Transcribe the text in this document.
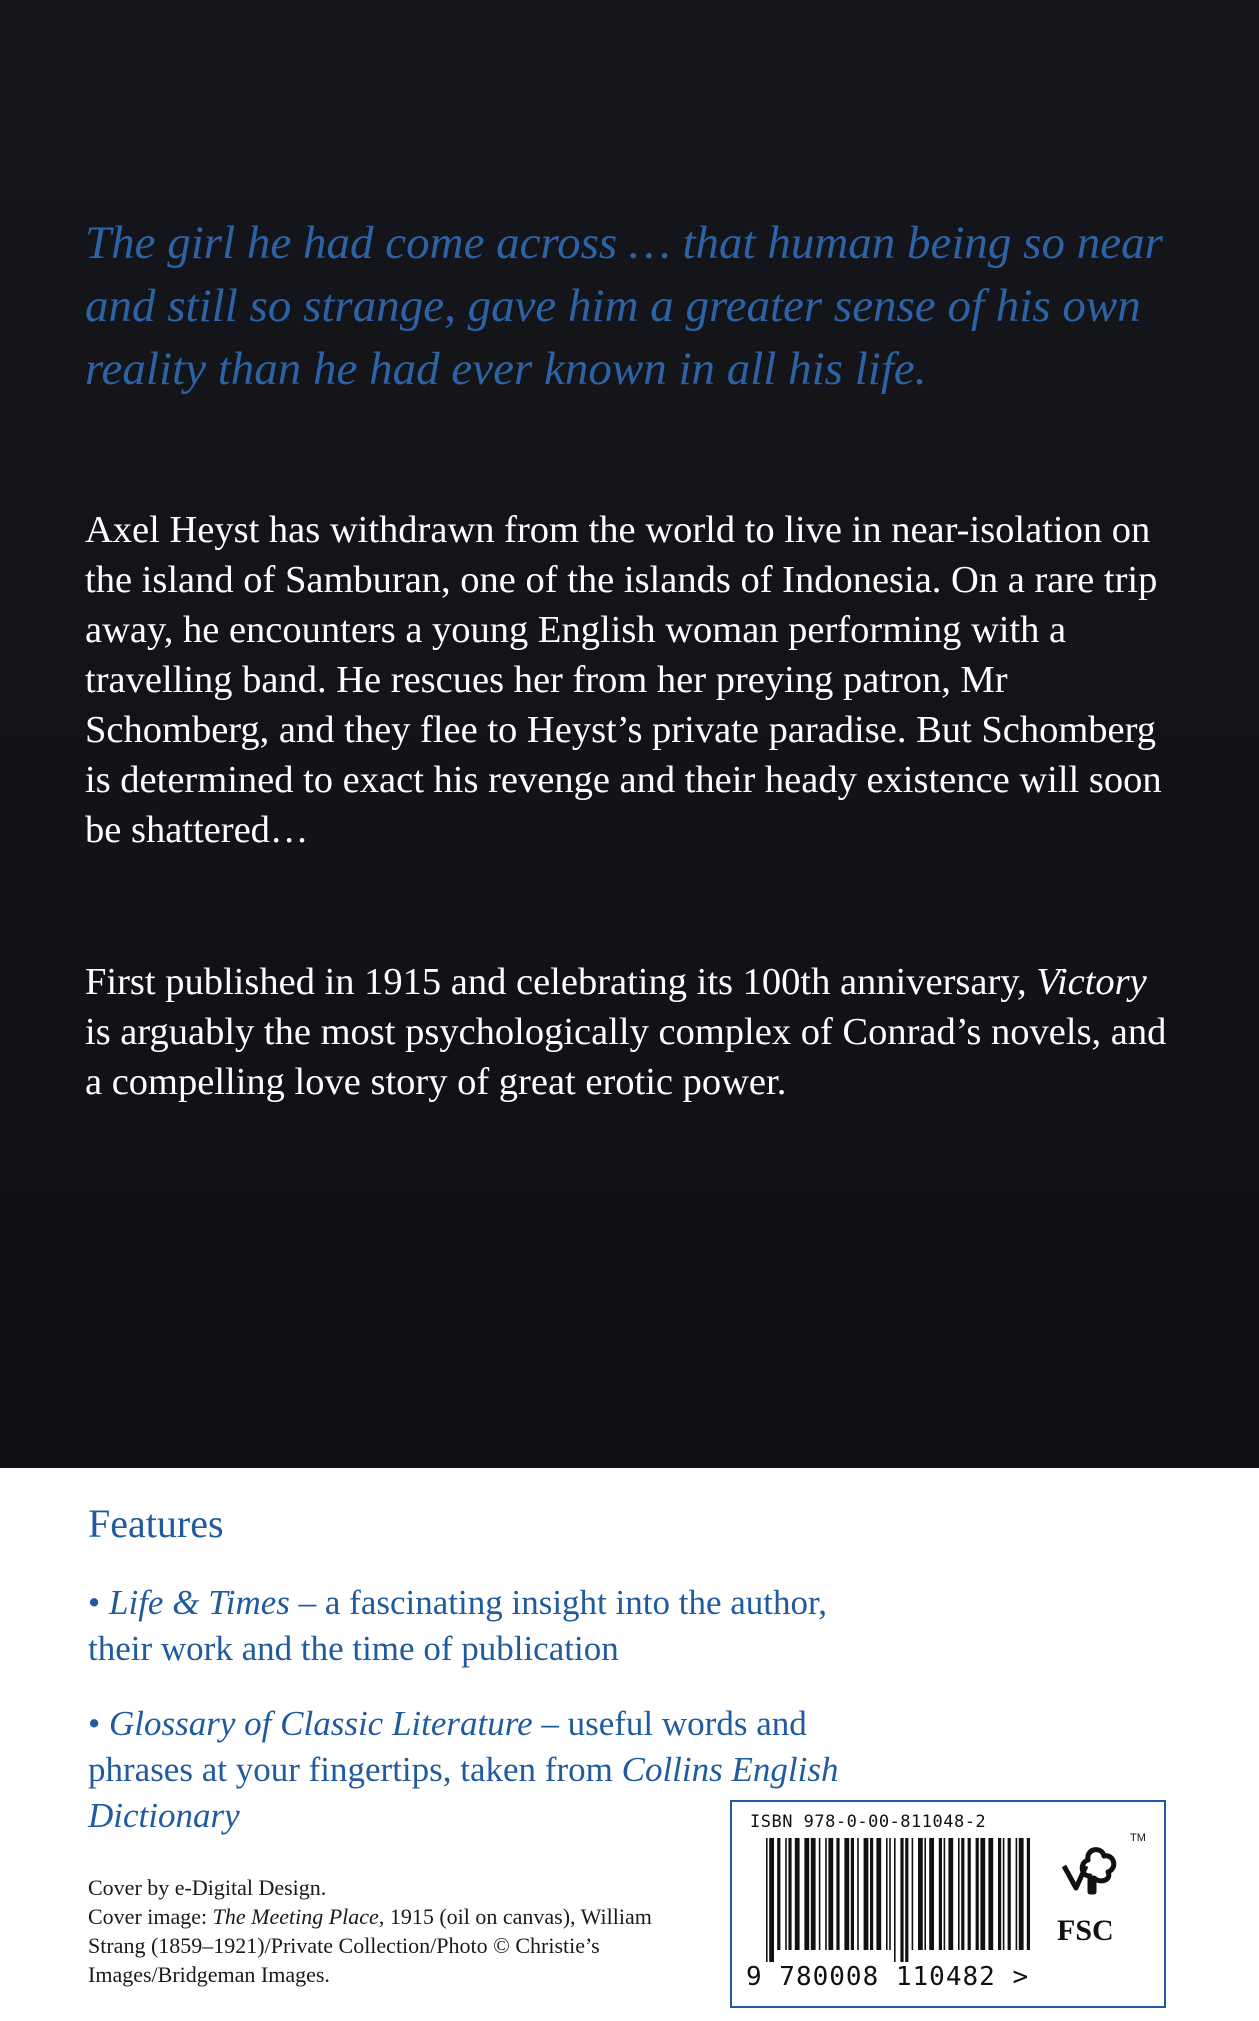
The girl he had come across … that human being so near and still so strange, gave him a greater sense of his own reality than he had ever known in all his life.

Axel Heyst has withdrawn from the world to live in near-isolation on the island of Samburan, one of the islands of Indonesia. On a rare trip away, he encounters a young English woman performing with a travelling band. He rescues her from her preying patron, Mr Schomberg, and they flee to Heyst’s private paradise. But Schomberg is determined to exact his revenge and their heady existence will soon be shattered…

First published in 1915 and celebrating its 100th anniversary, Victory is arguably the most psychologically complex of Conrad’s novels, and a compelling love story of great erotic power.

Features

• Life & Times – a fascinating insight into the author, their work and the time of publication

• Glossary of Classic Literature – useful words and phrases at your fingertips, taken from Collins English Dictionary

Cover by e-Digital Design.
Cover image: The Meeting Place, 1915 (oil on canvas), William Strang (1859–1921)/Private Collection/Photo © Christie’s Images/Bridgeman Images.

ISBN 978-0-00-811048-2
9 780008 110482 >
TM
FSC
